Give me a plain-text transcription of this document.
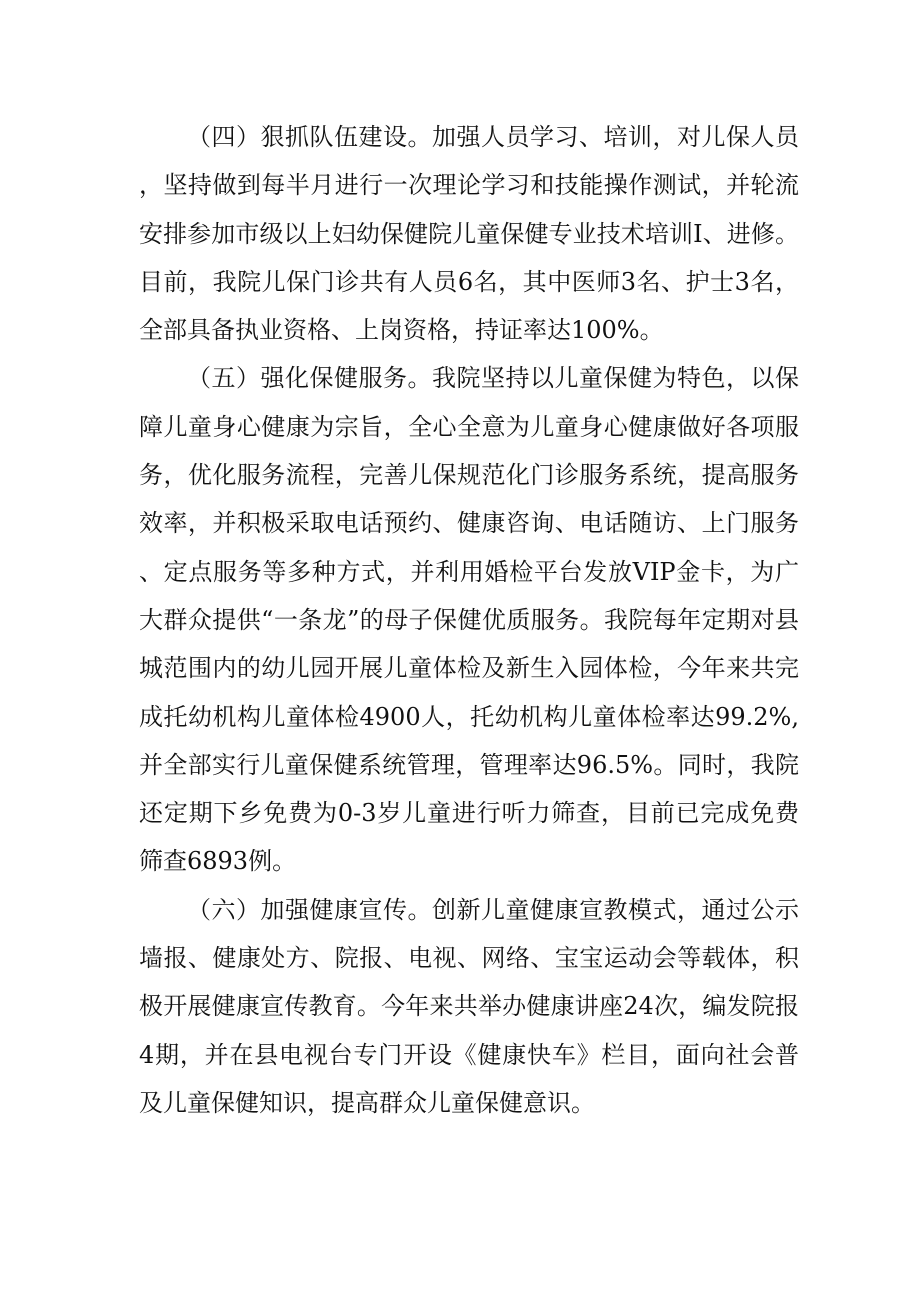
（四）狠抓队伍建设。加强人员学习、培训，对儿保人员，坚持做到每半月进行一次理论学习和技能操作测试，并轮流安排参加市级以上妇幼保健院儿童保健专业技术培训I、进修。目前，我院儿保门诊共有人员6名，其中医师3名、护士3名，全部具备执业资格、上岗资格，持证率达100%。

（五）强化保健服务。我院坚持以儿童保健为特色，以保障儿童身心健康为宗旨，全心全意为儿童身心健康做好各项服务，优化服务流程，完善儿保规范化门诊服务系统，提高服务效率，并积极采取电话预约、健康咨询、电话随访、上门服务、定点服务等多种方式，并利用婚检平台发放VIP金卡，为广大群众提供“一条龙”的母子保健优质服务。我院每年定期对县城范围内的幼儿园开展儿童体检及新生入园体检，今年来共完成托幼机构儿童体检4900人，托幼机构儿童体检率达99.2%,并全部实行儿童保健系统管理，管理率达96.5%。同时，我院还定期下乡免费为0-3岁儿童进行听力筛查，目前已完成免费筛查6893例。

（六）加强健康宣传。创新儿童健康宣教模式，通过公示墙报、健康处方、院报、电视、网络、宝宝运动会等载体，积极开展健康宣传教育。今年来共举办健康讲座24次，编发院报4期，并在县电视台专门开设《健康快车》栏目，面向社会普及儿童保健知识，提高群众儿童保健意识。
